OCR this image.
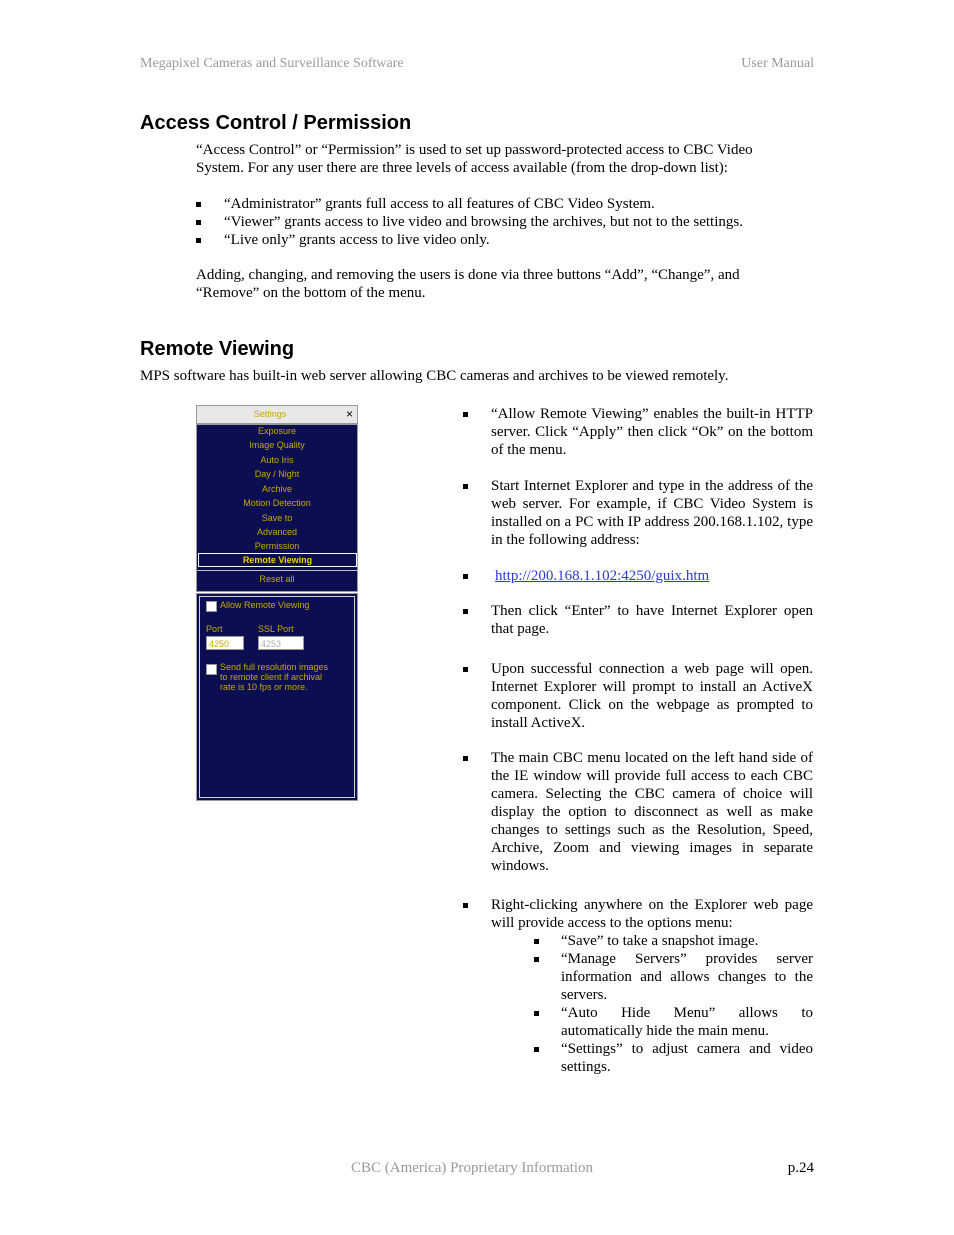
Megapixel Cameras and Surveillance Software	User Manual
Access Control / Permission

“Access Control” or “Permission” is used to set up password-protected access to CBC Video System. For any user there are three levels of access available (from the drop-down list):

“Administrator” grants full access to all features of CBC Video System.
“Viewer” grants access to live video and browsing the archives, but not to the settings.
“Live only” grants access to live video only.

Adding, changing, and removing the users is done via three buttons “Add”, “Change”, and “Remove” on the bottom of the menu.

Remote Viewing

MPS software has built-in web server allowing CBC cameras and archives to be viewed remotely.

Settings	×
Exposure
Image Quality
Auto Iris
Day / Night
Archive
Motion Detection
Save to
Advanced
Permission
Remote Viewing
Reset all
Allow Remote Viewing
Port	SSL Port
4250	4253
Send full resolution images
to remote client if archival
rate is 10 fps or more.
“Allow Remote Viewing” enables the built-in HTTP server. Click “Apply” then click “Ok” on the bottom of the menu.
Start Internet Explorer and type in the address of the web server. For example, if CBC Video System is installed on a PC with IP address 200.168.1.102, type in the following address:
http://200.168.1.102:4250/guix.htm
Then click “Enter” to have Internet Explorer open that page.
Upon successful connection a web page will open. Internet Explorer will prompt to install an ActiveX component. Click on the webpage as prompted to install ActiveX.
The main CBC menu located on the left hand side of the IE window will provide full access to each CBC camera. Selecting the CBC camera of choice will display the option to disconnect as well as make changes to settings such as the Resolution, Speed, Archive, Zoom and viewing images in separate windows.
Right-clicking anywhere on the Explorer web page will provide access to the options menu:
“Save” to take a snapshot image.
“Manage Servers” provides server information and allows changes to the servers.
“Auto Hide Menu” allows to automatically hide the main menu.
“Settings” to adjust camera and video settings.
CBC (America) Proprietary Information	p.24
